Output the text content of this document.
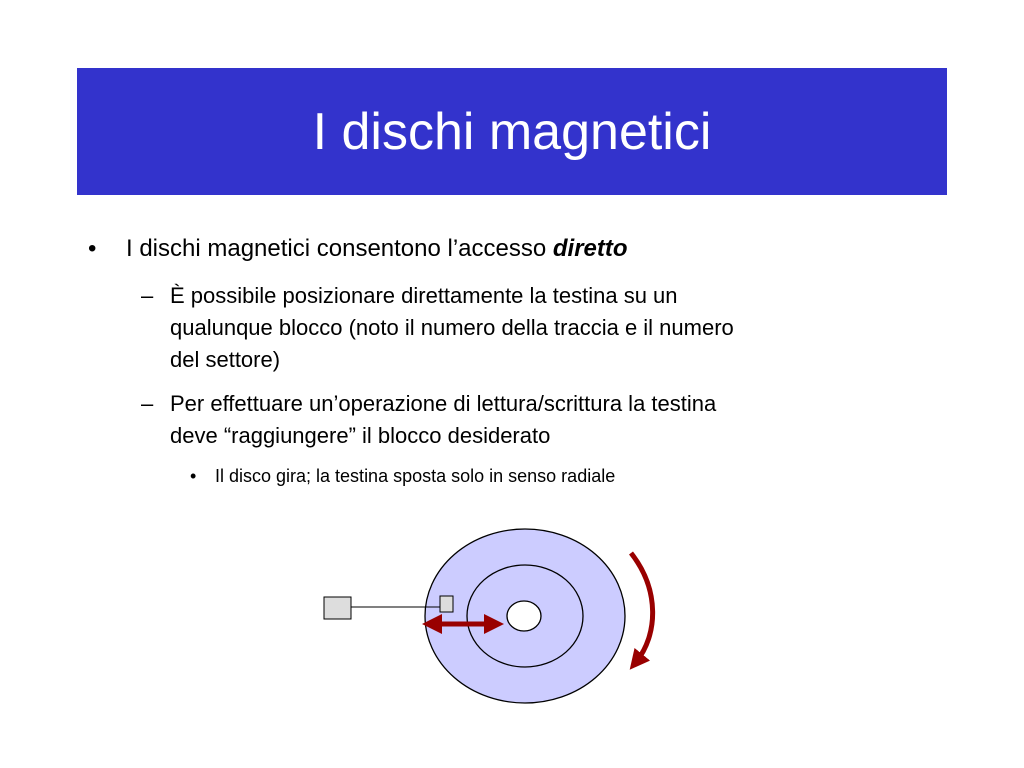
I dischi magnetici
• I dischi magnetici consentono l’accesso diretto
– È possibile posizionare direttamente la testina su un
qualunque blocco (noto il numero della traccia e il numero
del settore)
– Per effettuare un’operazione di lettura/scrittura la testina
deve “raggiungere” il blocco desiderato
• Il disco gira; la testina sposta solo in senso radiale
